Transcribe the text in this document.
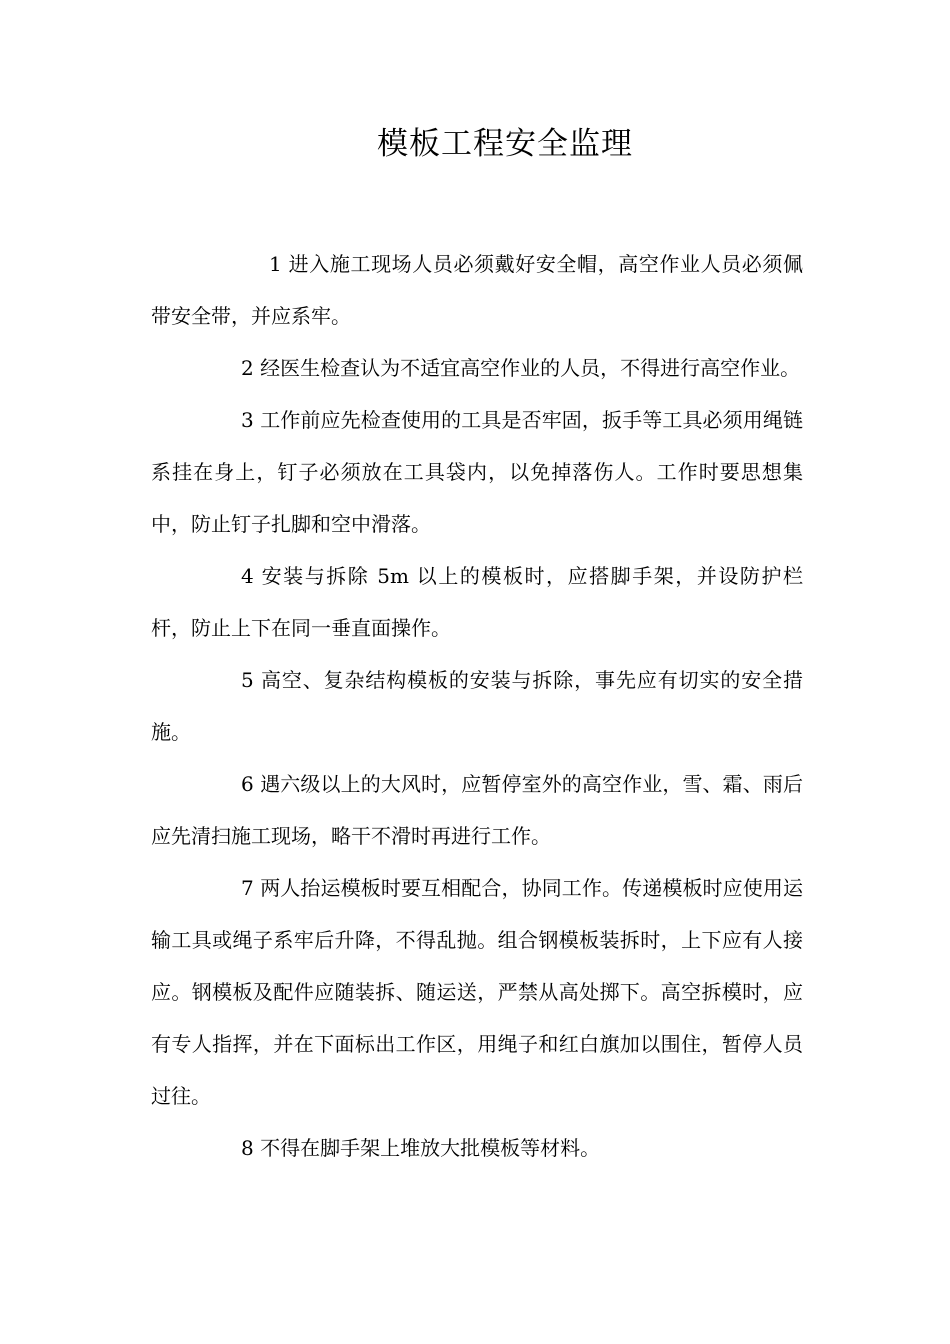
模板工程安全监理

1 进入施工现场人员必须戴好安全帽，高空作业人员必须佩带安全带，并应系牢。

2 经医生检查认为不适宜高空作业的人员，不得进行高空作业。

3 工作前应先检查使用的工具是否牢固，扳手等工具必须用绳链系挂在身上，钉子必须放在工具袋内，以免掉落伤人。工作时要思想集中，防止钉子扎脚和空中滑落。

4 安装与拆除 5m 以上的模板时，应搭脚手架，并设防护栏杆，防止上下在同一垂直面操作。

5 高空、复杂结构模板的安装与拆除，事先应有切实的安全措施。

6 遇六级以上的大风时，应暂停室外的高空作业，雪、霜、雨后应先清扫施工现场，略干不滑时再进行工作。

7 两人抬运模板时要互相配合，协同工作。传递模板时应使用运输工具或绳子系牢后升降，不得乱抛。组合钢模板装拆时，上下应有人接应。钢模板及配件应随装拆、随运送，严禁从高处掷下。高空拆模时，应有专人指挥，并在下面标出工作区，用绳子和红白旗加以围住，暂停人员过往。

8 不得在脚手架上堆放大批模板等材料。
